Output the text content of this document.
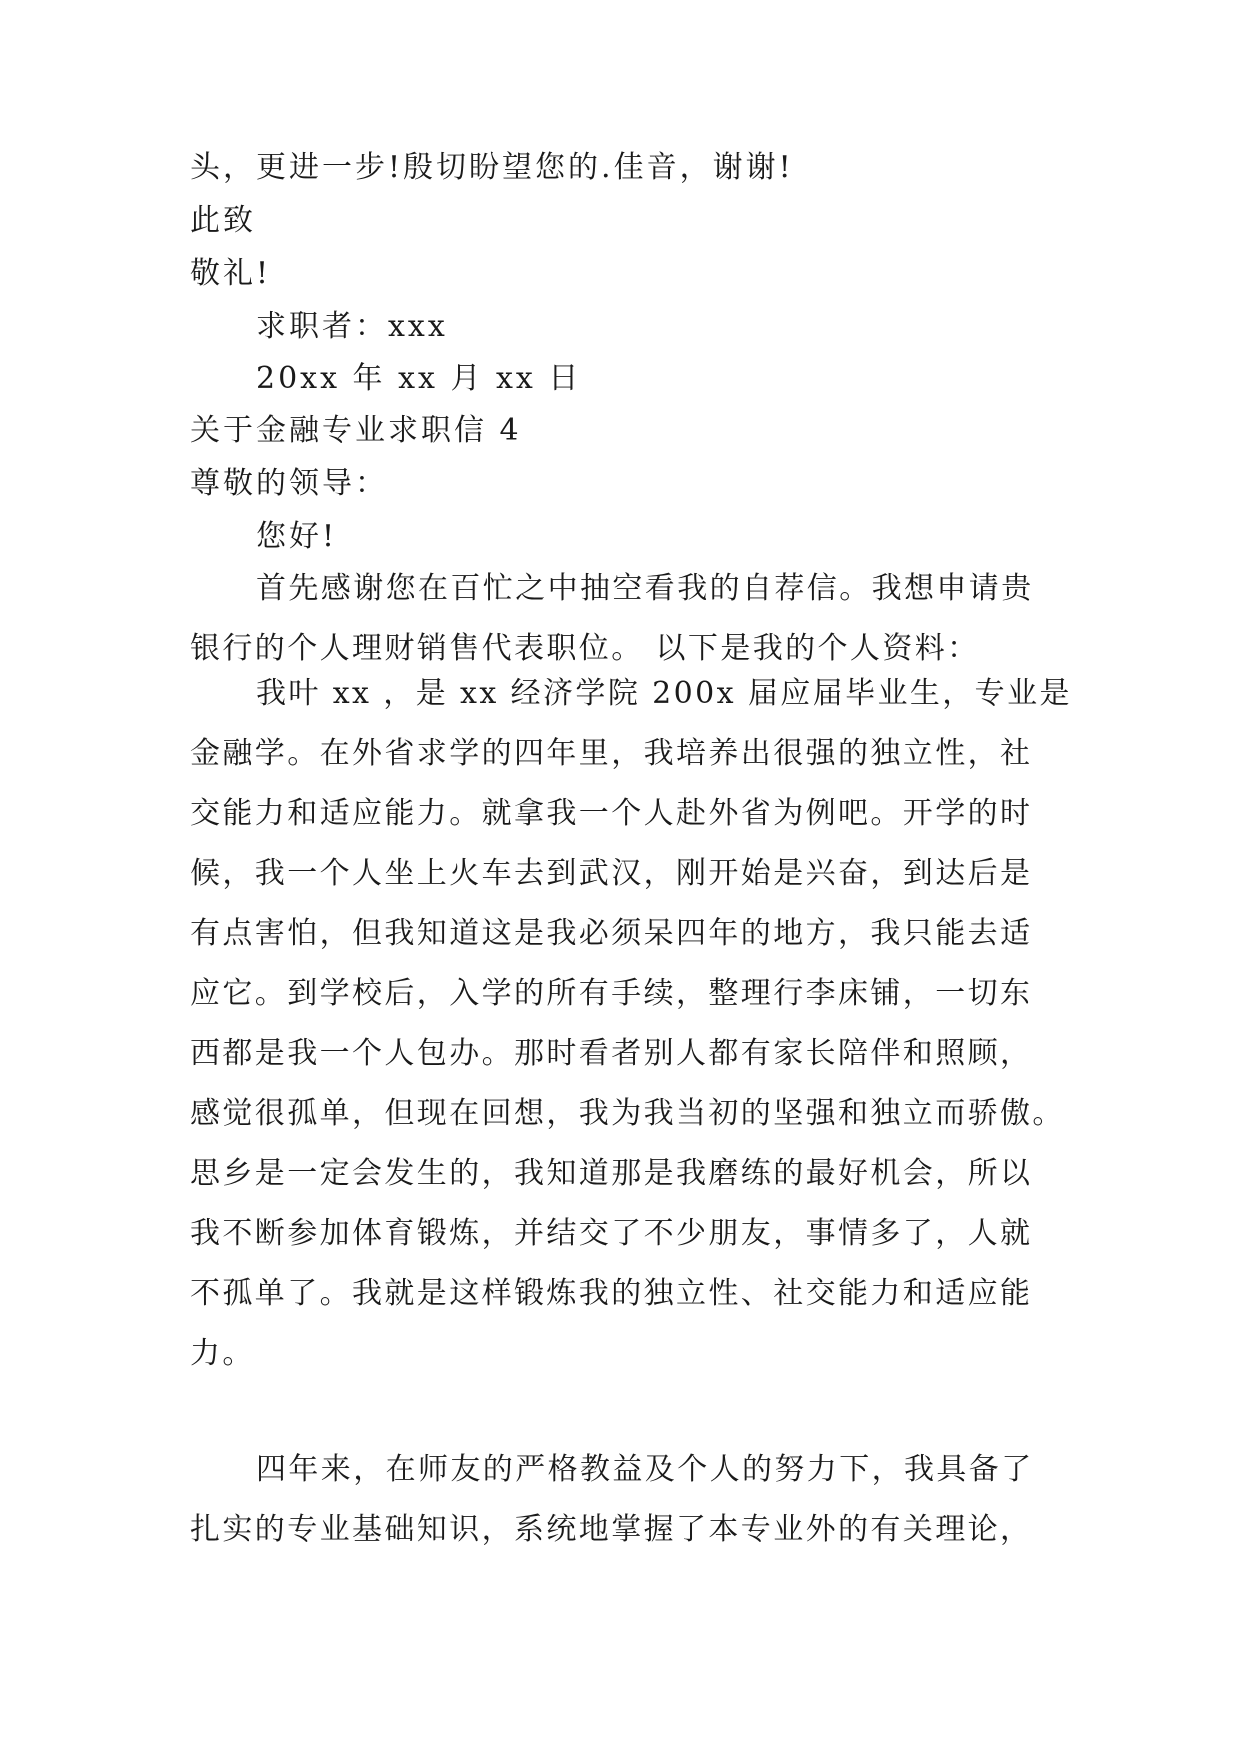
头，更进一步!殷切盼望您的.佳音，谢谢!
此致
敬礼!
求职者：xxx
20xx 年 xx 月 xx 日
关于金融专业求职信 4
尊敬的领导：
您好!
首先感谢您在百忙之中抽空看我的自荐信。我想申请贵
银行的个人理财销售代表职位。 以下是我的个人资料：
我叶 xx ，是 xx 经济学院 200x 届应届毕业生，专业是
金融学。在外省求学的四年里，我培养出很强的独立性，社
交能力和适应能力。就拿我一个人赴外省为例吧。开学的时
候，我一个人坐上火车去到武汉，刚开始是兴奋，到达后是
有点害怕，但我知道这是我必须呆四年的地方，我只能去适
应它。到学校后，入学的所有手续，整理行李床铺，一切东
西都是我一个人包办。那时看者别人都有家长陪伴和照顾，
感觉很孤单，但现在回想，我为我当初的坚强和独立而骄傲。
思乡是一定会发生的，我知道那是我磨练的最好机会，所以
我不断参加体育锻炼，并结交了不少朋友，事情多了，人就
不孤单了。我就是这样锻炼我的独立性、社交能力和适应能
力。
四年来，在师友的严格教益及个人的努力下，我具备了
扎实的专业基础知识，系统地掌握了本专业外的有关理论，
